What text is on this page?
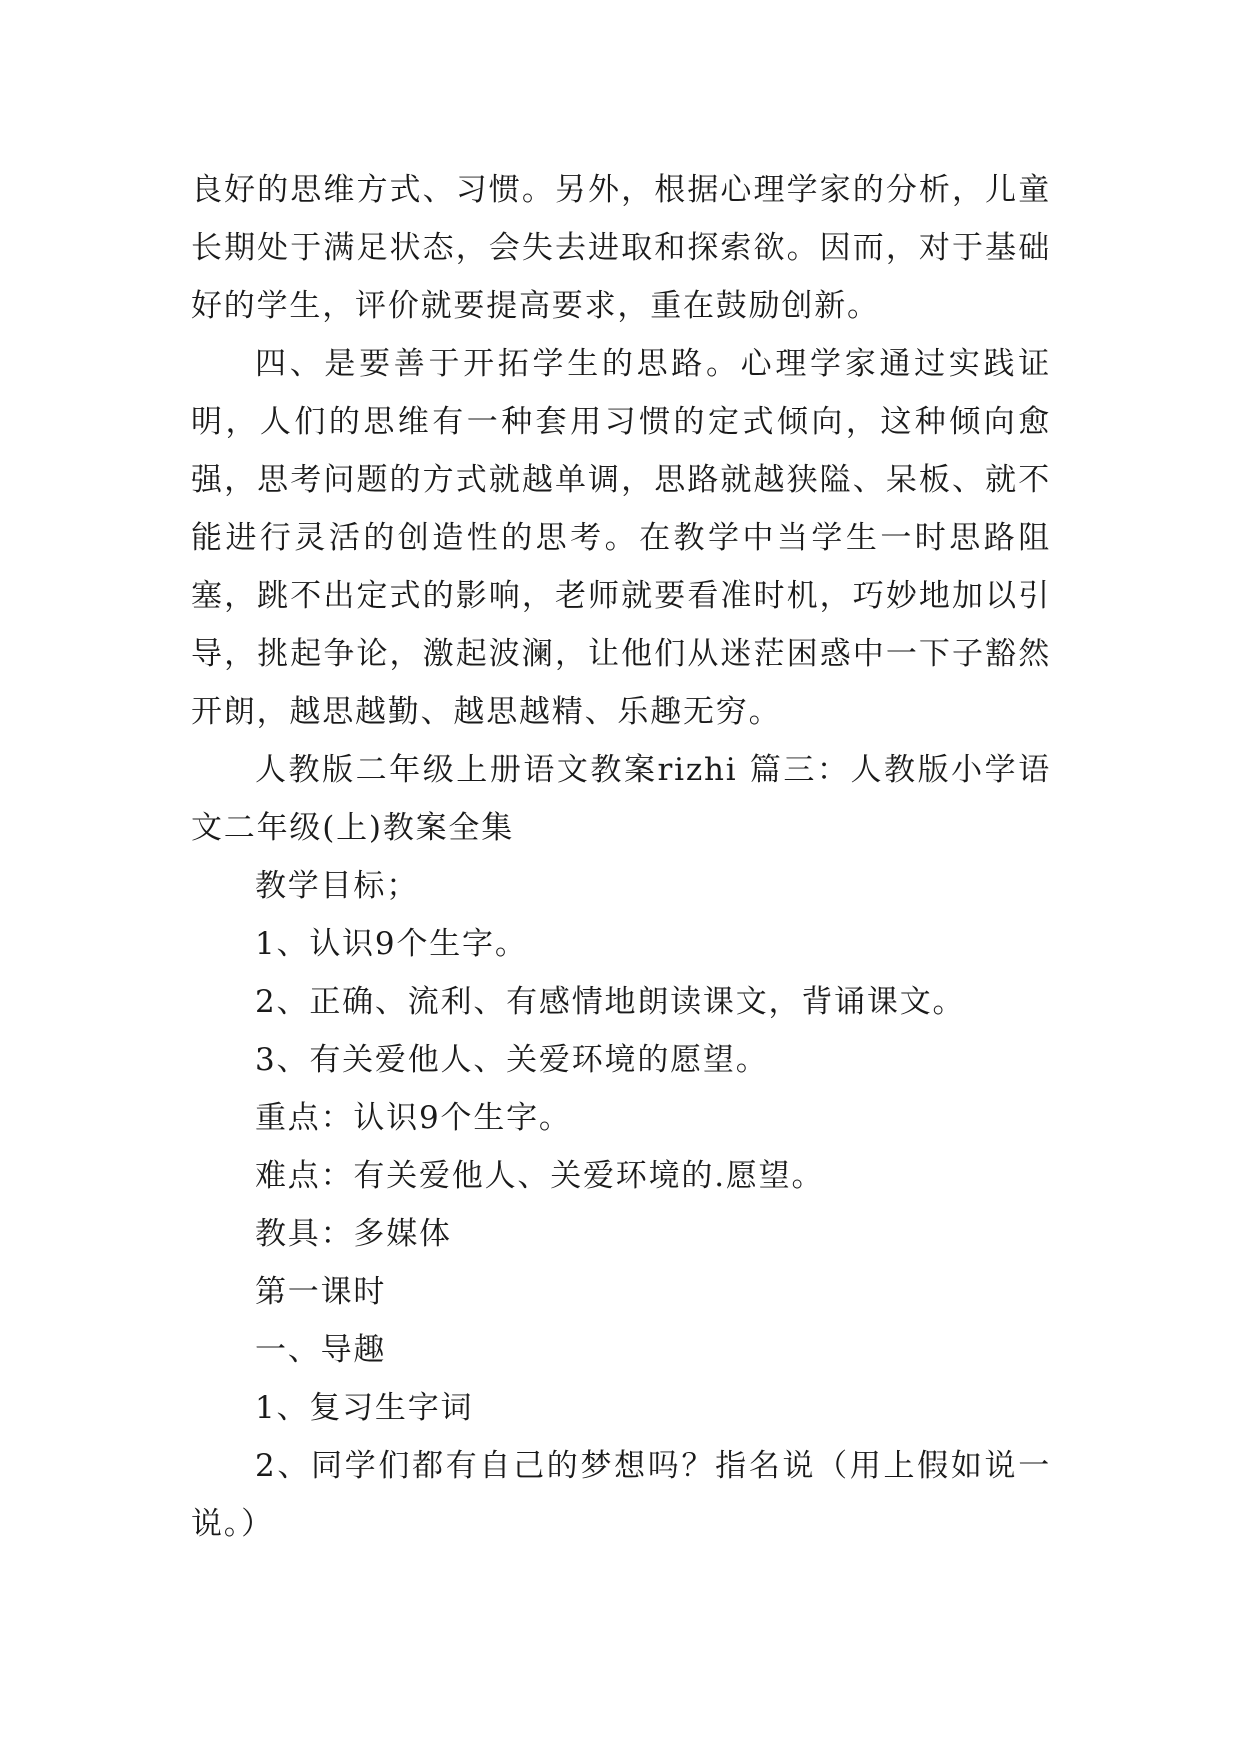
良好的思维方式、习惯。另外，根据心理学家的分析，儿童长期处于满足状态，会失去进取和探索欲。因而，对于基础好的学生，评价就要提高要求，重在鼓励创新。

四、是要善于开拓学生的思路。心理学家通过实践证明，人们的思维有一种套用习惯的定式倾向，这种倾向愈强，思考问题的方式就越单调，思路就越狭隘、呆板、就不能进行灵活的创造性的思考。在教学中当学生一时思路阻塞，跳不出定式的影响，老师就要看准时机，巧妙地加以引导，挑起争论，激起波澜，让他们从迷茫困惑中一下子豁然开朗，越思越勤、越思越精、乐趣无穷。

人教版二年级上册语文教案rizhi 篇三：人教版小学语文二年级(上)教案全集

教学目标；

1、认识9个生字。

2、正确、流利、有感情地朗读课文，背诵课文。

3、有关爱他人、关爱环境的愿望。

重点：认识9个生字。

难点：有关爱他人、关爱环境的.愿望。

教具：多媒体

第一课时

一、导趣

1、复习生字词

2、同学们都有自己的梦想吗？指名说（用上假如说一说。）
